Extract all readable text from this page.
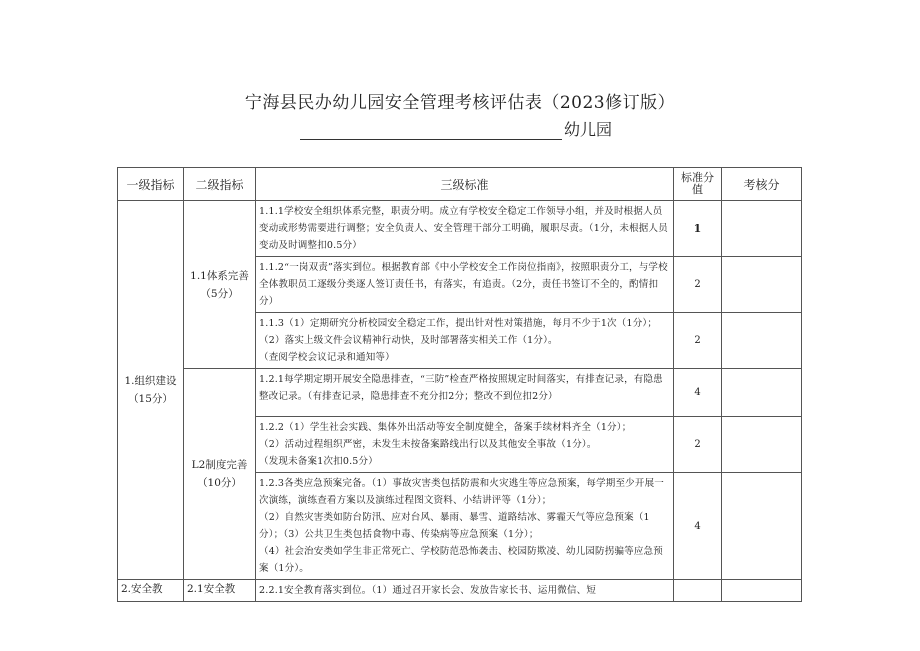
宁海县民办幼儿园安全管理考核评估表（2023修订版）
幼儿园
一级指标	二级指标	三级标准	标准分值	考核分
1.组织建设（15分）	1.1体系完善（5分）	1.1.1学校安全组织体系完整，职责分明。成立有学校安全稳定工作领导小组，并及时根据人员变动或形势需要进行调整；安全负责人、安全管理干部分工明确，履职尽责。（1分，未根据人员变动及时调整扣0.5分）	1	
		1.1.2“一岗双责”落实到位。根据教育部《中小学校安全工作岗位指南》，按照职责分工，与学校全体教职员工逐级分类逐人签订责任书，有落实，有追责。（2分，责任书签订不全的，酌情扣分）	2	

		1.1.3（1）定期研究分析校园安全稳定工作，提出针对性对策措施，每月不少于1次（1分）；（2）落实上级文件会议精神行动快，及时部署落实相关工作（1分）。

（查阅学校会议记录和通知等）	2	
	L2制度完善（10分）	1.2.1每学期定期开展安全隐患排查，“三防”检查严格按照规定时间落实，有排查记录，有隐患整改记录。（有排查记录，隐患排查不充分扣2分；整改不到位扣2分）	4	

		1.2.2（1）学生社会实践、集体外出活动等安全制度健全，备案手续材料齐全（1分）；

（2）活动过程组织严密，未发生未按备案路线出行以及其他安全事故（1分）。

（发现未备案1次扣0.5分）	2	

		1.2.3各类应急预案完备。（1）事故灾害类包括防震和火灾逃生等应急预案，每学期至少开展一次演练，演练查看方案以及演练过程图文资料、小结讲评等（1分）；

（2）自然灾害类如防台防汛、应对台风、暴雨、暴雪、道路结冰、雾霾天气等应急预案（1分）；（3）公共卫生类包括食物中毒、传染病等应急预案（1分）；

（4）社会治安类如学生非正常死亡、学校防范恐怖袭击、校园防欺凌、幼儿园防拐骗等应急预案（1分）。	4	
2.安全教	2.1安全教	2.2.1安全教育落实到位。（1）通过召开家长会、发放告家长书、运用微信、短		
